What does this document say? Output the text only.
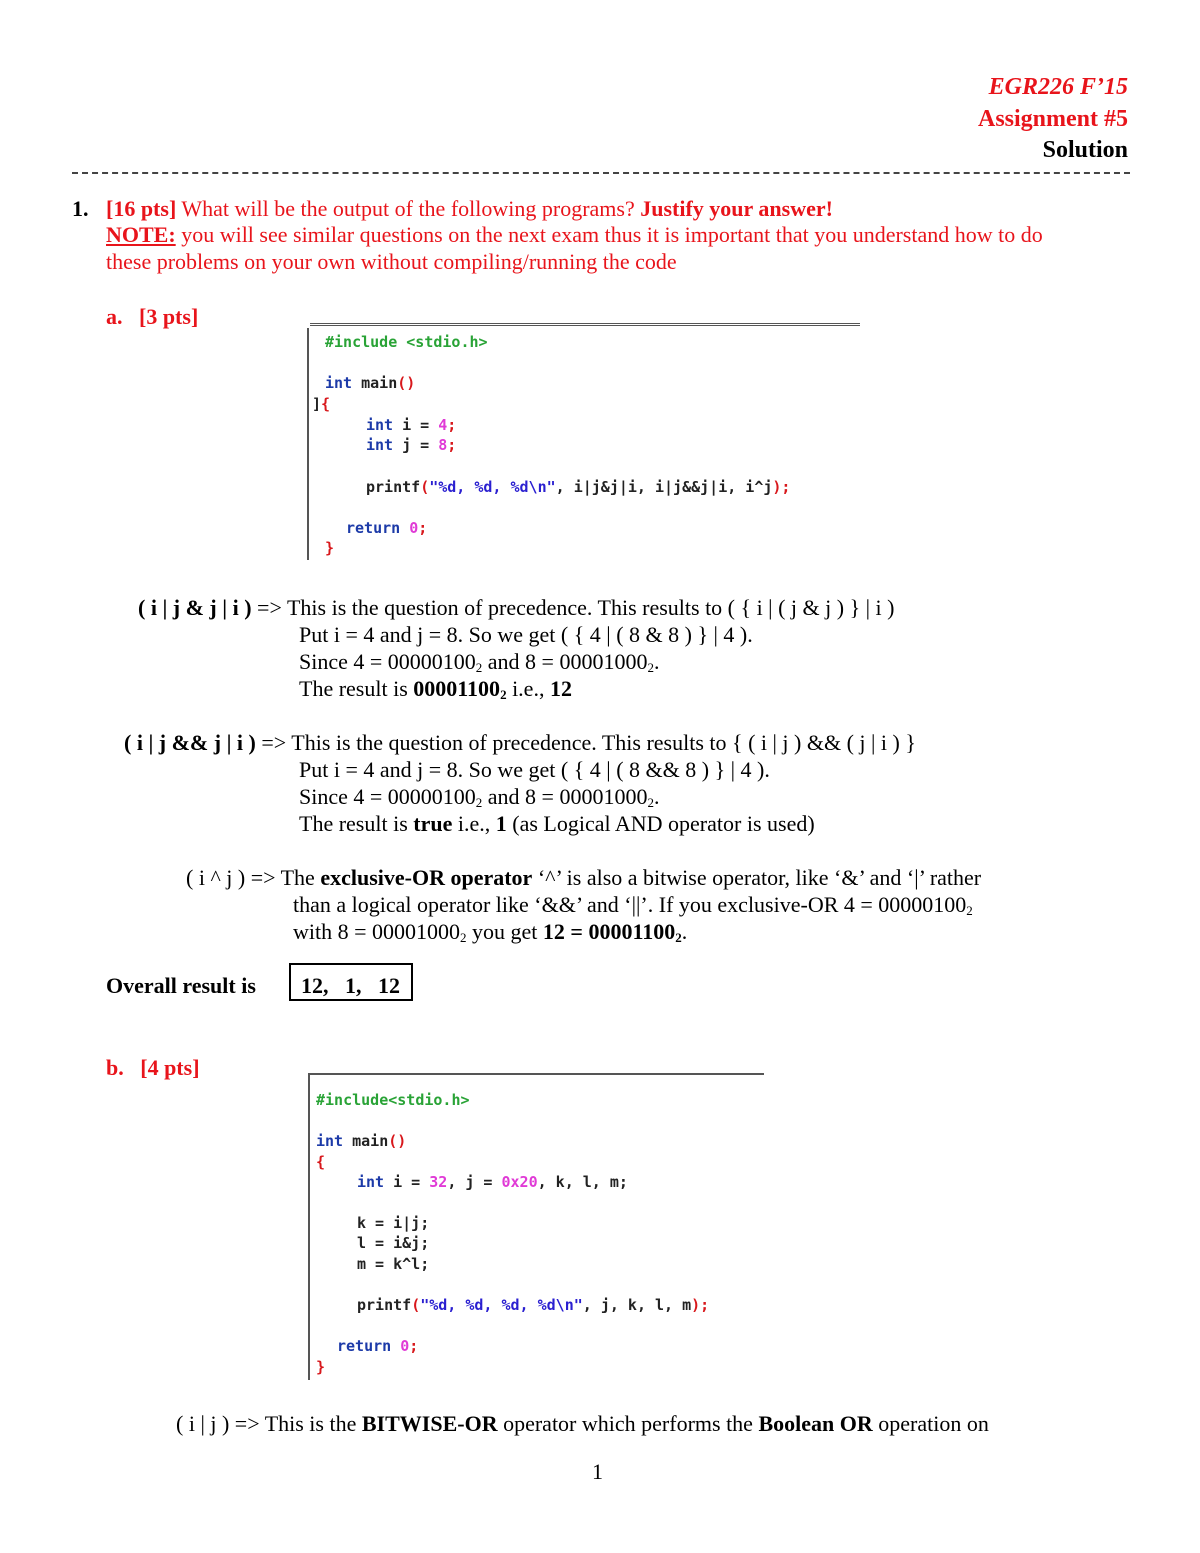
EGR226 F’15
Assignment #5
Solution
1. [16 pts] What will be the output of the following programs? Justify your answer!
NOTE: you will see similar questions on the next exam thus it is important that you understand how to do
these problems on your own without compiling/running the code
a. [3 pts]
#include <stdio.h>
int main()
]{
int i = 4;
int j = 8;
printf("%d, %d, %d\n", i|j&j|i, i|j&&j|i, i^j);
return 0;
}
( i | j & j | i ) => This is the question of precedence. This results to ( { i | ( j & j ) } | i )
Put i = 4 and j = 8. So we get ( { 4 | ( 8 & 8 ) } | 4 ).
Since $4 = 00000100_2$ and $8 = 00001000_2$.
The result is $00001100_2$ i.e., 12
( i | j && j | i ) => This is the question of precedence. This results to { ( i | j ) && ( j | i ) }
Put i = 4 and j = 8. So we get ( { 4 | ( 8 && 8 ) } | 4 ).
Since $4 = 00000100_2$ and $8 = 00001000_2$.
The result is true i.e., 1 (as Logical AND operator is used)
( i ^ j ) => The exclusive-OR operator ‘^’ is also a bitwise operator, like ‘&’ and ‘|’ rather
than a logical operator like ‘&&’ and ‘||’. If you exclusive-OR $4 = 00000100_2$
with $8 = 00001000_2$ you get $12 = 00001100_2$.
Overall result is 12,   1,   12
b. [4 pts]
#include<stdio.h>
int main()
{
int i = 32, j = 0x20, k, l, m;
k = i|j;
l = i&j;
m = k^l;
printf("%d, %d, %d, %d\n", j, k, l, m);
return 0;
}
( i | j ) => This is the BITWISE-OR operator which performs the Boolean OR operation on
1
